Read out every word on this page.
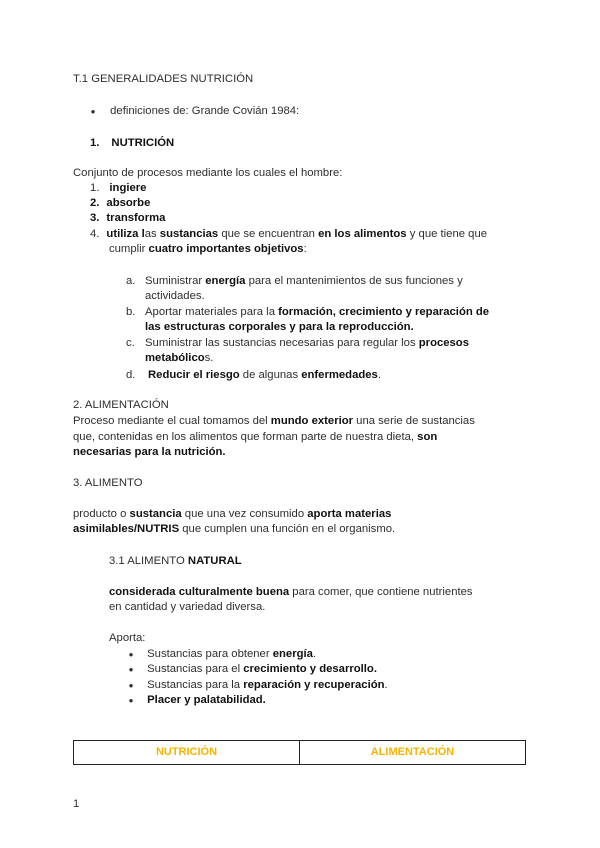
T.1 GENERALIDADES NUTRICIÓN
● definiciones de: Grande Covián 1984:
1. NUTRICIÓN
Conjunto de procesos mediante los cuales el hombre:
1. ingiere
2. absorbe
3. transforma
4. utiliza las sustancias que se encuentran en los alimentos y que tiene que
cumplir cuatro importantes objetivos:
a. Suministrar energía para el mantenimientos de sus funciones y
actividades.
b. Aportar materiales para la formación, crecimiento y reparación de
las estructuras corporales y para la reproducción.
c. Suministrar las sustancias necesarias para regular los procesos
metabólicos.
d. Reducir el riesgo de algunas enfermedades.
2. ALIMENTACIÓN
Proceso mediante el cual tomamos del mundo exterior una serie de sustancias
que, contenidas en los alimentos que forman parte de nuestra dieta, son
necesarias para la nutrición.
3. ALIMENTO
producto o sustancia que una vez consumido aporta materias
asimilables/NUTRIS que cumplen una función en el organismo.
3.1 ALIMENTO NATURAL
considerada culturalmente buena para comer, que contiene nutrientes
en cantidad y variedad diversa.
Aporta:
● Sustancias para obtener energía.
● Sustancias para el crecimiento y desarrollo.
● Sustancias para la reparación y recuperación.
● Placer y palatabilidad.
NUTRICIÓN	ALIMENTACIÓN
1
